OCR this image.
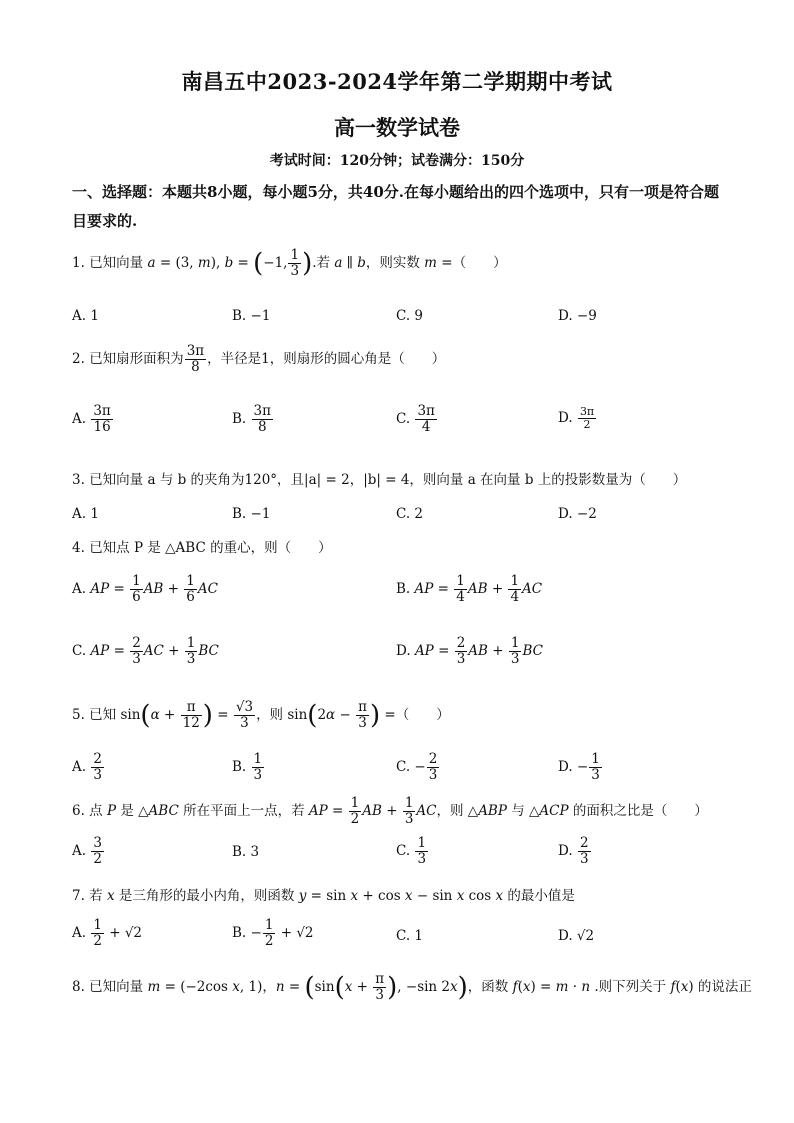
南昌五中2023-2024学年第二学期期中考试
高一数学试卷
考试时间：120分钟；试卷满分：150分
一、选择题：本题共8小题，每小题5分，共40分.在每小题给出的四个选项中，只有一项是符合题目要求的.
1. 已知向量 a = (3, m), b = (−1, $\frac{1}{3}$ ).若 a ∥ b，则实数 m =（　　）
A. 1	B. −1	C. 9	D. −9
2. 已知扇形面积为 $\frac{3\pi}{8}$ ，半径是1，则扇形的圆心角是（　　）
A. $\frac{3\pi}{16}$	B. $\frac{3\pi}{8}$	C. $\frac{3\pi}{4}$	D. $\frac{3\pi}{2}$
3. 已知向量 a 与 b 的夹角为120°，且|a| = 2，|b| = 4，则向量 a 在向量 b 上的投影数量为（　　）
A. 1	B. −1	C. 2	D. −2
4. 已知点 P 是 △ABC 的重心，则（　　）
A. AP = $\frac{1}{6}$ AB + $\frac{1}{6}$ AC	B. AP = $\frac{1}{4}$ AB + $\frac{1}{4}$ AC
C. AP = $\frac{2}{3}$ AC + $\frac{1}{3}$ BC	D. AP = $\frac{2}{3}$ AB + $\frac{1}{3}$ BC
5. 已知 $\sin(\alpha + \frac{\pi}{12}$ ) = $\frac{√3}{3}$ ，则 $\sin(2\alpha - \frac{\pi}{3}$ ) =（　　）
A. $\frac{2}{3}$	B. $\frac{1}{3}$	C. − $\frac{2}{3}$	D. − $\frac{1}{3}$
6. 点 P 是 △ABC 所在平面上一点，若 AP = $\frac{1}{2}$ AB + $\frac{1}{3}$ AC，则 △ABP 与 △ACP 的面积之比是（　　）
A. $\frac{3}{2}$	B. 3	C. $\frac{1}{3}$	D. $\frac{2}{3}$
7. 若 x 是三角形的最小内角，则函数 y = sin x + cos x − sin x cos x 的最小值是
A. $\frac{1}{2} + √2$	B. − $\frac{1}{2} + √2$	C. 1	D. √2
8. 已知向量 m = (−2cos x, 1)，$n = (\sin(x + \frac{\pi}{3}$ ), −sin 2x)，函数 f(x) = m · n .则下列关于 f(x) 的说法正
